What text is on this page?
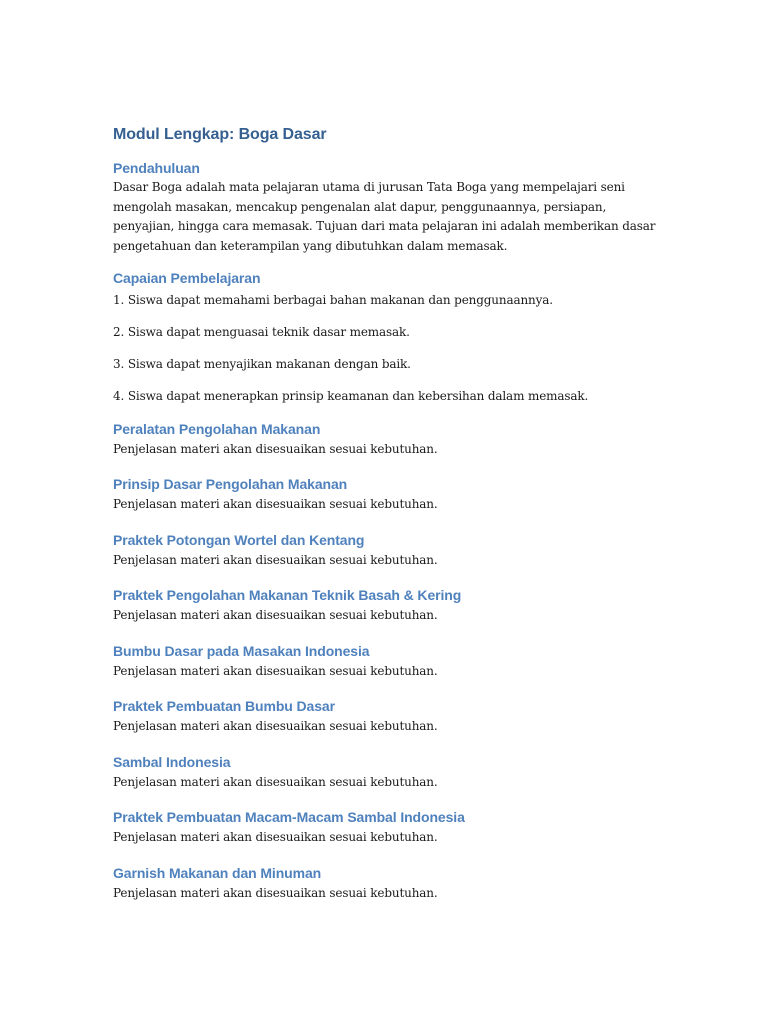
Modul Lengkap: Boga Dasar
Pendahuluan

Dasar Boga adalah mata pelajaran utama di jurusan Tata Boga yang mempelajari seni mengolah masakan, mencakup pengenalan alat dapur, penggunaannya, persiapan, penyajian, hingga cara memasak. Tujuan dari mata pelajaran ini adalah memberikan dasar pengetahuan dan keterampilan yang dibutuhkan dalam memasak.

Capaian Pembelajaran

1. Siswa dapat memahami berbagai bahan makanan dan penggunaannya.

2. Siswa dapat menguasai teknik dasar memasak.

3. Siswa dapat menyajikan makanan dengan baik.

4. Siswa dapat menerapkan prinsip keamanan dan kebersihan dalam memasak.

Peralatan Pengolahan Makanan

Penjelasan materi akan disesuaikan sesuai kebutuhan.

Prinsip Dasar Pengolahan Makanan

Penjelasan materi akan disesuaikan sesuai kebutuhan.

Praktek Potongan Wortel dan Kentang

Penjelasan materi akan disesuaikan sesuai kebutuhan.

Praktek Pengolahan Makanan Teknik Basah & Kering

Penjelasan materi akan disesuaikan sesuai kebutuhan.

Bumbu Dasar pada Masakan Indonesia

Penjelasan materi akan disesuaikan sesuai kebutuhan.

Praktek Pembuatan Bumbu Dasar

Penjelasan materi akan disesuaikan sesuai kebutuhan.

Sambal Indonesia

Penjelasan materi akan disesuaikan sesuai kebutuhan.

Praktek Pembuatan Macam-Macam Sambal Indonesia

Penjelasan materi akan disesuaikan sesuai kebutuhan.

Garnish Makanan dan Minuman

Penjelasan materi akan disesuaikan sesuai kebutuhan.
